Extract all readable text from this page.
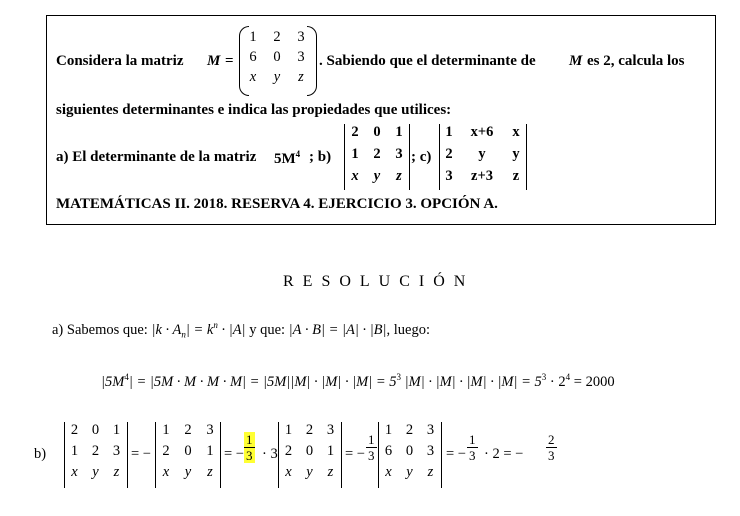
Considera la matriz M =
1	2	3
6	0	3
x	y	z
. Sabiendo que el determinante de M es 2, calcula los
siguientes determinantes e indica las propiedades que utilices:
a) El determinante de la matriz $5M^4$ ; b)
2	0	1
1	2	3
x	y	z
; c)
1	x+6	x
2	y	y
3	z+3	z
MATEMÁTICAS II. 2018. RESERVA 4. EJERCICIO 3. OPCIÓN A.
RESOLUCIÓN
a) Sabemos que: $|k \cdot A_n| = k^n \cdot |A|$ y que: |A · B| = |A| · |B|, luego:
$|5M^4| = |5M \cdot M \cdot M \cdot M| = |5M||M| \cdot |M| \cdot |M| = 5^3$ $|M| \cdot |M| \cdot |M| \cdot |M| = 5^3 \cdot 2^4 = 2000$
b)
2 0 1
1 2 3
x	y	z
= −
1	2	3
2	0	1
x	y	z
= − $\frac{1}{3} \cdot 3$
1 2 3
2 0 1
x	y	z
= − $\frac{1}{3}$
1 2 3
6 0 3
x	y	z
= − $\frac{1}{3} \cdot 2$ = − $\frac{2}{3}$
